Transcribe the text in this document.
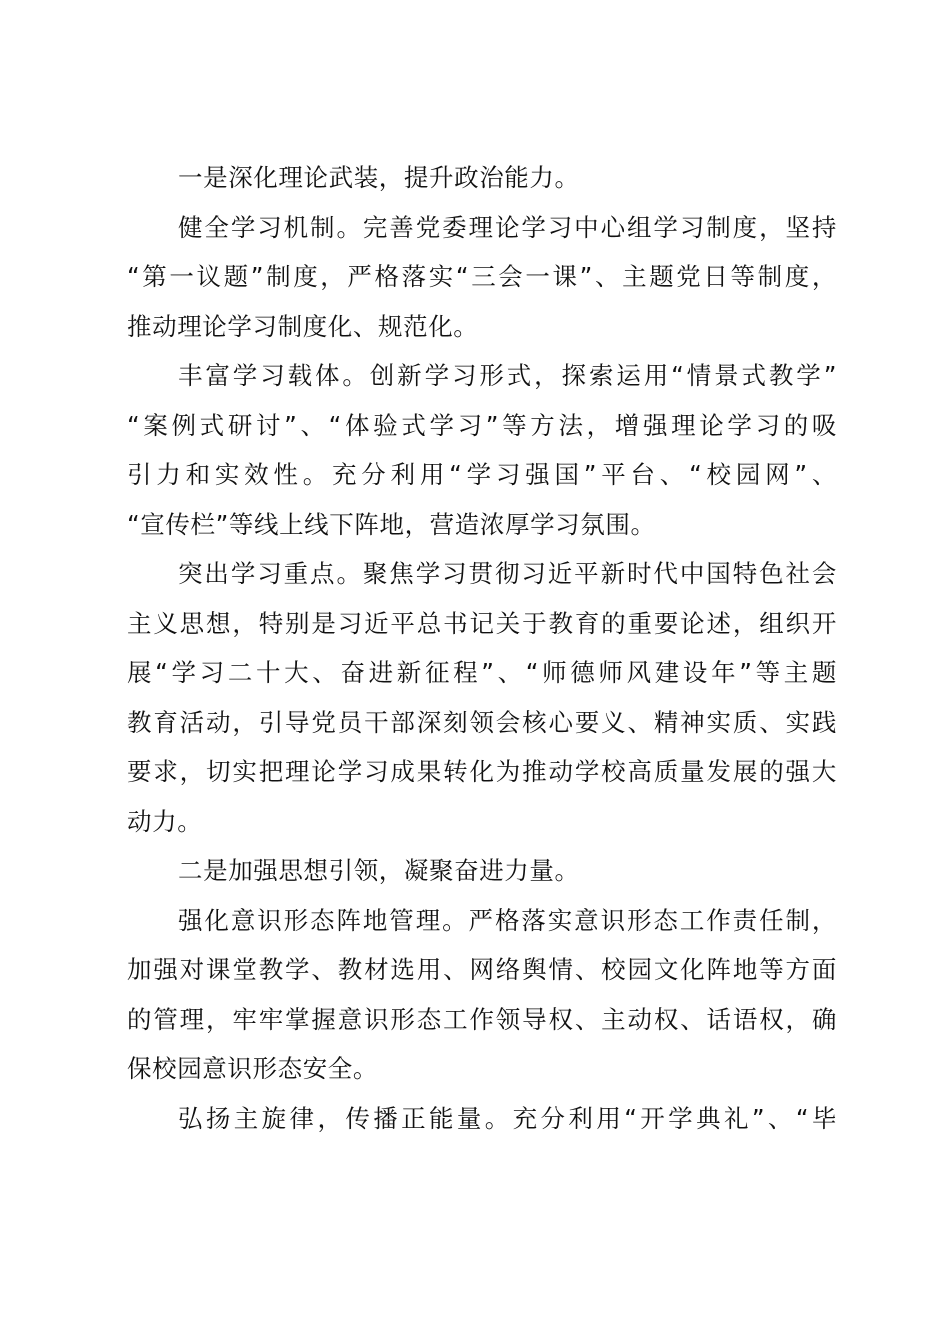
一是深化理论武装，提升政治能力。
健全学习机制。完善党委理论学习中心组学习制度，坚持
“第一议题”制度，严格落实“三会一课”、主题党日等制度，
推动理论学习制度化、规范化。
丰富学习载体。创新学习形式，探索运用“情景式教学”
“案例式研讨”、“体验式学习”等方法，增强理论学习的吸
引力和实效性。充分利用“学习强国”平台、“校园网”、
“宣传栏”等线上线下阵地，营造浓厚学习氛围。
突出学习重点。聚焦学习贯彻习近平新时代中国特色社会
主义思想，特别是习近平总书记关于教育的重要论述，组织开
展“学习二十大、奋进新征程”、“师德师风建设年”等主题
教育活动，引导党员干部深刻领会核心要义、精神实质、实践
要求，切实把理论学习成果转化为推动学校高质量发展的强大
动力。
二是加强思想引领，凝聚奋进力量。
强化意识形态阵地管理。严格落实意识形态工作责任制，
加强对课堂教学、教材选用、网络舆情、校园文化阵地等方面
的管理，牢牢掌握意识形态工作领导权、主动权、话语权，确
保校园意识形态安全。
弘扬主旋律，传播正能量。充分利用“开学典礼”、“毕
